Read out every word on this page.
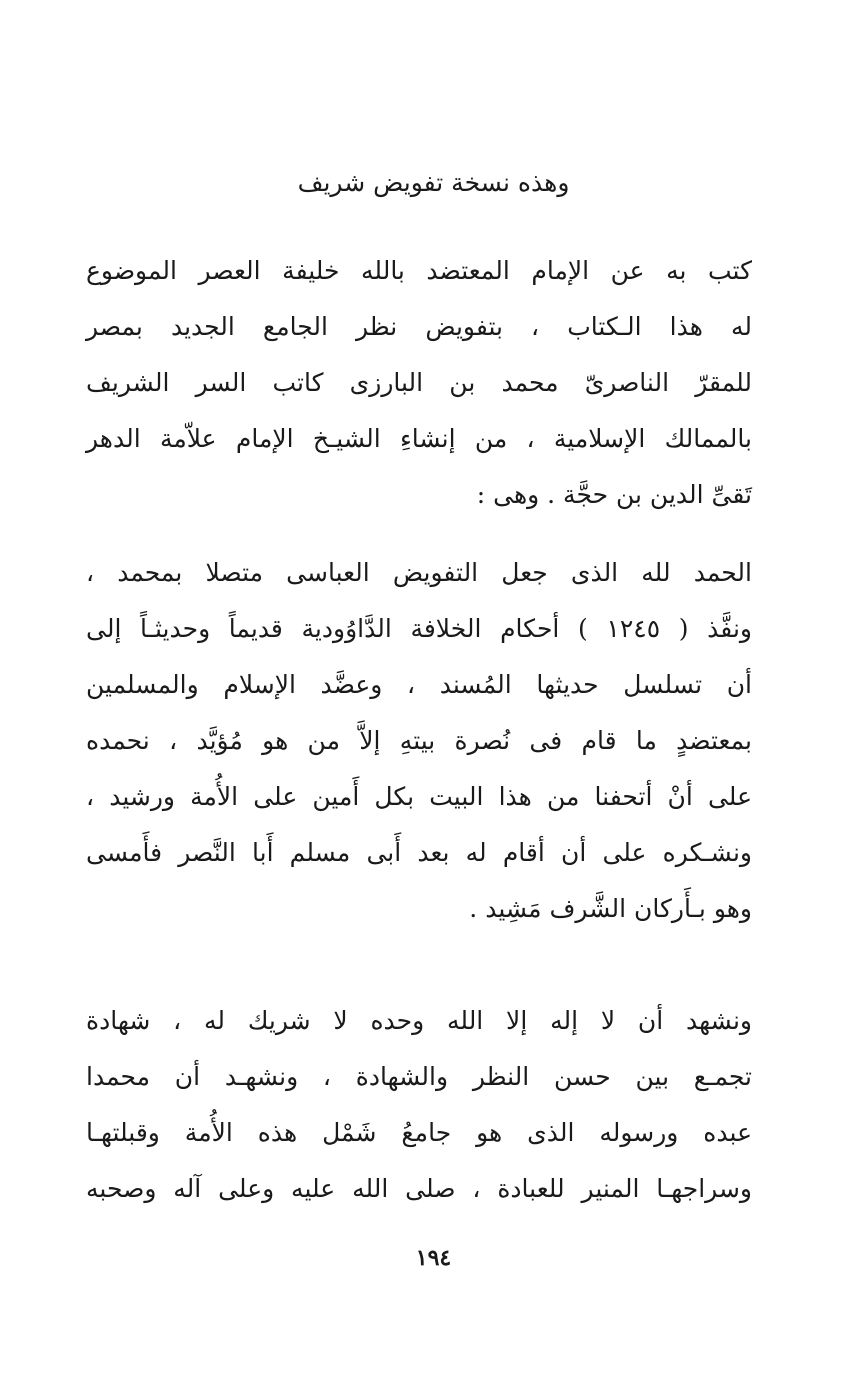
وهذه نسخة تفويض شريف
كتب به عن الإمام المعتضد بالله خليفة العصر الموضوع
له هذا الـكتاب ، بتفويض نظر الجامع الجديد بمصر
للمقرّ الناصرىّ محمد بن البارزى كاتب السر الشريف
بالممالك الإسلامية ، من إنشاءِ الشيـخ الإمام علاّمة الدهر
تَقىِّ الدين بن حجَّة . وهى :
الحمد لله الذى جعل التفويض العباسى متصلا بمحمد ،
ونفَّذ ( ١٢٤٥ ) أحكام الخلافة الدَّاوُودية قديماً وحديثـاً إلى
أن تسلسل حديثها المُسند ، وعضَّد الإسلام والمسلمين
بمعتضدٍ ما قام فى نُصرة بيتهِ إلاَّ من هو مُؤيَّد ، نحمده
على أنْ أتحفنا من هذا البيت بكل أَمين على الأُمة ورشيد ،
ونشـكره على أن أقام له بعد أَبى مسلم أَبا النَّصر فأَمسى
وهو بـأَركان الشَّرف مَشِيد .
ونشهد أن لا إله إلا الله وحده لا شريك له ، شهادة
تجمـع بين حسن النظر والشهادة ، ونشهـد أن محمدا
عبده ورسوله الذى هو جامعُ شَمْل هذه الأُمة وقبلتهـا
وسراجهـا المنير للعبادة ، صلى الله عليه وعلى آله وصحبه
١٩٤
